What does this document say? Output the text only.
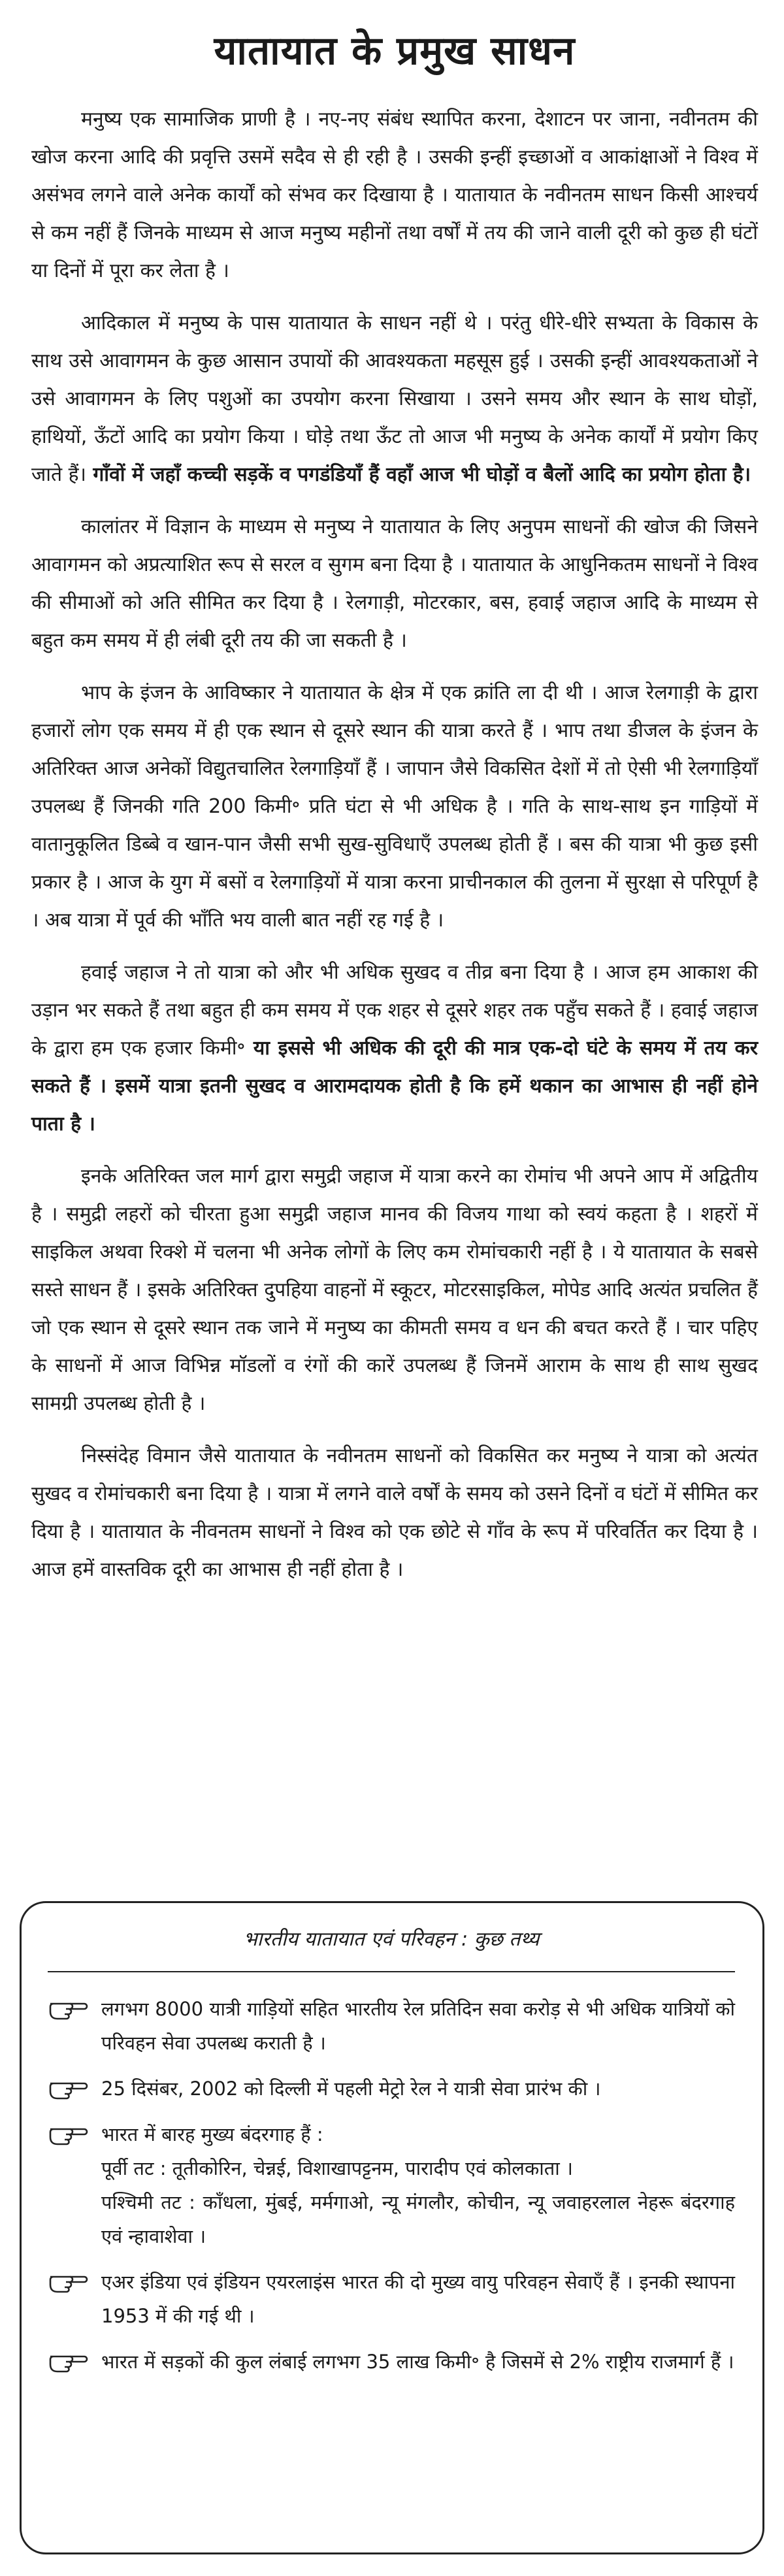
यातायात के प्रमुख साधन

मनुष्य एक सामाजिक प्राणी है । नए-नए संबंध स्थापित करना, देशाटन पर जाना, नवीनतम की खोज करना आदि की प्रवृत्ति उसमें सदैव से ही रही है । उसकी इन्हीं इच्छाओं व आकांक्षाओं ने विश्व में असंभव लगने वाले अनेक कार्यों को संभव कर दिखाया है । यातायात के नवीनतम साधन किसी आश्चर्य से कम नहीं हैं जिनके माध्यम से आज मनुष्य महीनों तथा वर्षों में तय की जाने वाली दूरी को कुछ ही घंटों या दिनों में पूरा कर लेता है ।

आदिकाल में मनुष्य के पास यातायात के साधन नहीं थे । परंतु धीरे-धीरे सभ्यता के विकास के साथ उसे आवागमन के कुछ आसान उपायों की आवश्यकता महसूस हुई । उसकी इन्हीं आवश्यकताओं ने उसे आवागमन के लिए पशुओं का उपयोग करना सिखाया । उसने समय और स्थान के साथ घोड़ों, हाथियों, ऊँटों आदि का प्रयोग किया । घोड़े तथा ऊँट तो आज भी मनुष्य के अनेक कार्यों में प्रयोग किए जाते हैं। गाँवों में जहाँ कच्ची सड़कें व पगडंडियाँ हैं वहाँ आज भी घोड़ों व बैलों आदि का प्रयोग होता है।

कालांतर में विज्ञान के माध्यम से मनुष्य ने यातायात के लिए अनुपम साधनों की खोज की जिसने आवागमन को अप्रत्याशित रूप से सरल व सुगम बना दिया है । यातायात के आधुनिकतम साधनों ने विश्व की सीमाओं को अति सीमित कर दिया है । रेलगाड़ी, मोटरकार, बस, हवाई जहाज आदि के माध्यम से बहुत कम समय में ही लंबी दूरी तय की जा सकती है ।

भाप के इंजन के आविष्कार ने यातायात के क्षेत्र में एक क्रांति ला दी थी । आज रेलगाड़ी के द्वारा हजारों लोग एक समय में ही एक स्थान से दूसरे स्थान की यात्रा करते हैं । भाप तथा डीजल के इंजन के अतिरिक्त आज अनेकों विद्युतचालित रेलगाड़ियाँ हैं । जापान जैसे विकसित देशों में तो ऐसी भी रेलगाड़ियाँ उपलब्ध हैं जिनकी गति 200 किमी॰ प्रति घंटा से भी अधिक है । गति के साथ-साथ इन गाड़ियों में वातानुकूलित डिब्बे व खान-पान जैसी सभी सुख-सुविधाएँ उपलब्ध होती हैं । बस की यात्रा भी कुछ इसी प्रकार है । आज के युग में बसों व रेलगाड़ियों में यात्रा करना प्राचीनकाल की तुलना में सुरक्षा से परिपूर्ण है । अब यात्रा में पूर्व की भाँति भय वाली बात नहीं रह गई है ।

हवाई जहाज ने तो यात्रा को और भी अधिक सुखद व तीव्र बना दिया है । आज हम आकाश की उड़ान भर सकते हैं तथा बहुत ही कम समय में एक शहर से दूसरे शहर तक पहुँच सकते हैं । हवाई जहाज के द्वारा हम एक हजार किमी॰ या इससे भी अधिक की दूरी की मात्र एक-दो घंटे के समय में तय कर सकते हैं । इसमें यात्रा इतनी सुखद व आरामदायक होती है कि हमें थकान का आभास ही नहीं होने पाता है ।

इनके अतिरिक्त जल मार्ग द्वारा समुद्री जहाज में यात्रा करने का रोमांच भी अपने आप में अद्वितीय है । समुद्री लहरों को चीरता हुआ समुद्री जहाज मानव की विजय गाथा को स्वयं कहता है । शहरों में साइकिल अथवा रिक्शे में चलना भी अनेक लोगों के लिए कम रोमांचकारी नहीं है । ये यातायात के सबसे सस्ते साधन हैं । इसके अतिरिक्त दुपहिया वाहनों में स्कूटर, मोटरसाइकिल, मोपेड आदि अत्यंत प्रचलित हैं जो एक स्थान से दूसरे स्थान तक जाने में मनुष्य का कीमती समय व धन की बचत करते हैं । चार पहिए के साधनों में आज विभिन्न मॉडलों व रंगों की कारें उपलब्ध हैं जिनमें आराम के साथ ही साथ सुखद सामग्री उपलब्ध होती है ।

निस्संदेह विमान जैसे यातायात के नवीनतम साधनों को विकसित कर मनुष्य ने यात्रा को अत्यंत सुखद व रोमांचकारी बना दिया है । यात्रा में लगने वाले वर्षों के समय को उसने दिनों व घंटों में सीमित कर दिया है । यातायात के नीवनतम साधनों ने विश्व को एक छोटे से गाँव के रूप में परिवर्तित कर दिया है । आज हमें वास्तविक दूरी का आभास ही नहीं होता है ।

भारतीय यातायात एवं परिवहन : कुछ तथ्य
लगभग 8000 यात्री गाड़ियों सहित भारतीय रेल प्रतिदिन सवा करोड़ से भी अधिक यात्रियों को परिवहन सेवा उपलब्ध कराती है ।
25 दिसंबर, 2002 को दिल्ली में पहली मेट्रो रेल ने यात्री सेवा प्रारंभ की ।
भारत में बारह मुख्य बंदरगाह हैं :
पूर्वी तट : तूतीकोरिन, चेन्नई, विशाखापट्टनम, पारादीप एवं कोलकाता ।
पश्चिमी तट : काँधला, मुंबई, मर्मगाओ, न्यू मंगलौर, कोचीन, न्यू जवाहरलाल नेहरू बंदरगाह एवं न्हावाशेवा ।
एअर इंडिया एवं इंडियन एयरलाइंस भारत की दो मुख्य वायु परिवहन सेवाएँ हैं । इनकी स्थापना 1953 में की गई थी ।
भारत में सड़कों की कुल लंबाई लगभग 35 लाख किमी॰ है जिसमें से 2% राष्ट्रीय राजमार्ग हैं ।
